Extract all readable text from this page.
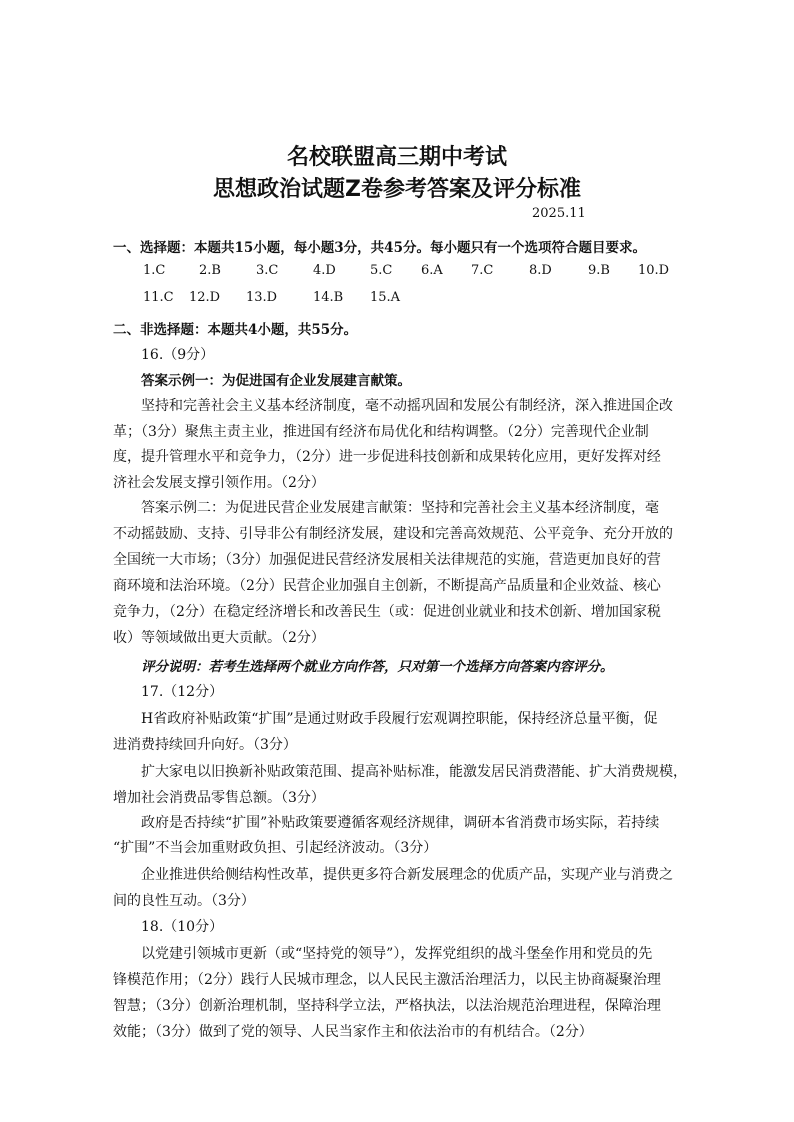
名校联盟高三期中考试
思想政治试题Z卷参考答案及评分标准
2025.11
一、选择题：本题共15小题，每小题3分，共45分。每小题只有一个选项符合题目要求。
1.C	2.B	3.C	4.D	5.C 6.A 7.C	8.D	9.B 10.D
11.C 12.D 13.D	14.B 15.A
二、非选择题：本题共4小题，共55分。
16.（9分）
答案示例一：为促进国有企业发展建言献策。
坚持和完善社会主义基本经济制度，毫不动摇巩固和发展公有制经济，深入推进国企改
革；（3分）聚焦主责主业，推进国有经济布局优化和结构调整。（2分）完善现代企业制
度，提升管理水平和竞争力，（2分）进一步促进科技创新和成果转化应用，更好发挥对经
济社会发展支撑引领作用。（2分）
答案示例二：为促进民营企业发展建言献策：坚持和完善社会主义基本经济制度，毫
不动摇鼓励、支持、引导非公有制经济发展，建设和完善高效规范、公平竞争、充分开放的
全国统一大市场；（3分）加强促进民营经济发展相关法律规范的实施，营造更加良好的营
商环境和法治环境。（2分）民营企业加强自主创新，不断提高产品质量和企业效益、核心
竞争力，（2分）在稳定经济增长和改善民生（或：促进创业就业和技术创新、增加国家税
收）等领域做出更大贡献。（2分）
评分说明：若考生选择两个就业方向作答，只对第一个选择方向答案内容评分。
17.（12分）
H省政府补贴政策“扩围”是通过财政手段履行宏观调控职能，保持经济总量平衡，促
进消费持续回升向好。（3分）
扩大家电以旧换新补贴政策范围、提高补贴标准，能激发居民消费潜能、扩大消费规模，
增加社会消费品零售总额。（3分）
政府是否持续“扩围”补贴政策要遵循客观经济规律，调研本省消费市场实际，若持续
“扩围”不当会加重财政负担、引起经济波动。（3分）
企业推进供给侧结构性改革，提供更多符合新发展理念的优质产品，实现产业与消费之
间的良性互动。（3分）
18.（10分）
以党建引领城市更新（或“坚持党的领导”），发挥党组织的战斗堡垒作用和党员的先
锋模范作用；（2分）践行人民城市理念，以人民民主激活治理活力，以民主协商凝聚治理
智慧；（3分）创新治理机制，坚持科学立法，严格执法，以法治规范治理进程，保障治理
效能；（3分）做到了党的领导、人民当家作主和依法治市的有机结合。（2分）
